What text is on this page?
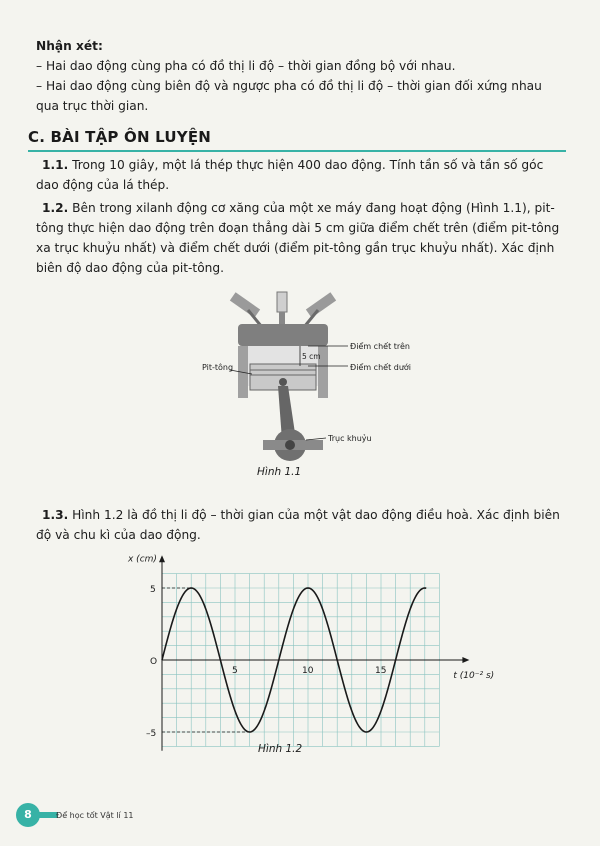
Nhận xét:
– Hai dao động cùng pha có đồ thị li độ – thời gian đồng bộ với nhau.
– Hai dao động cùng biên độ và ngược pha có đồ thị li độ – thời gian đối xứng nhau qua trục thời gian.
C. BÀI TẬP ÔN LUYỆN
1.1. Trong 10 giây, một lá thép thực hiện 400 dao động. Tính tần số và tần số góc dao động của lá thép.
1.2. Bên trong xilanh động cơ xăng của một xe máy đang hoạt động (Hình 1.1), pit-tông thực hiện dao động trên đoạn thẳng dài 5 cm giữa điểm chết trên (điểm pit-tông xa trục khuỷu nhất) và điểm chết dưới (điểm pit-tông gần trục khuỷu nhất). Xác định biên độ dao động của pit-tông.
Điểm chết trên
Điểm chết dưới
5 cm
Pit-tông
Trục khuỷu
Hình 1.1
1.3. Hình 1.2 là đồ thị li độ – thời gian của một vật dao động điều hoà. Xác định biên độ và chu kì của dao động.
x (cm)
t (10⁻² s)
O
5
–5
5	10	15
Hình 1.2
8	Để học tốt Vật lí 11
